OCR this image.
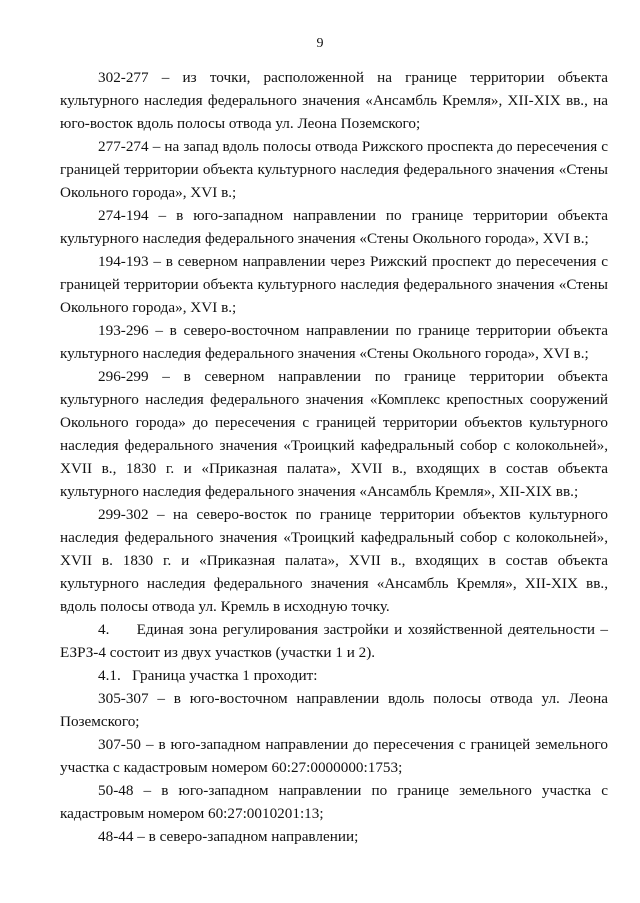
9

302-277 – из точки, расположенной на границе территории объекта культурного наследия федерального значения «Ансамбль Кремля», XII-XIX вв., на юго-восток вдоль полосы отвода ул. Леона Поземского;

277-274 – на запад вдоль полосы отвода Рижского проспекта до пересечения с границей территории объекта культурного наследия федерального значения «Стены Окольного города», XVI в.;

274-194 – в юго-западном направлении по границе территории объекта культурного наследия федерального значения «Стены Окольного города», XVI в.;

194-193 – в северном направлении через Рижский проспект до пересечения с границей территории объекта культурного наследия федерального значения «Стены Окольного города», XVI в.;

193-296 – в северо-восточном направлении по границе территории объекта культурного наследия федерального значения «Стены Окольного города», XVI в.;

296-299 – в северном направлении по границе территории объекта культурного наследия федерального значения «Комплекс крепостных сооружений Окольного города» до пересечения с границей территории объектов культурного наследия федерального значения «Троицкий кафедральный собор с колокольней», XVII в., 1830 г. и «Приказная палата», XVII в., входящих в состав объекта культурного наследия федерального значения «Ансамбль Кремля», XII-XIX вв.;

299-302 – на северо-восток по границе территории объектов культурного наследия федерального значения «Троицкий кафедральный собор с колокольней», XVII в. 1830 г. и «Приказная палата», XVII в., входящих в состав объекта культурного наследия федерального значения «Ансамбль Кремля», XII-XIX вв., вдоль полосы отвода ул. Кремль в исходную точку.

4.     Единая зона регулирования застройки и хозяйственной деятельности – ЕЗРЗ-4 состоит из двух участков (участки 1 и 2).

4.1.   Граница участка 1 проходит:

305-307 – в юго-восточном направлении вдоль полосы отвода ул. Леона Поземского;

307-50 – в юго-западном направлении до пересечения с границей земельного участка с кадастровым номером 60:27:0000000:1753;

50-48 – в юго-западном направлении по границе земельного участка с кадастровым номером 60:27:0010201:13;

48-44 – в северо-западном направлении;
